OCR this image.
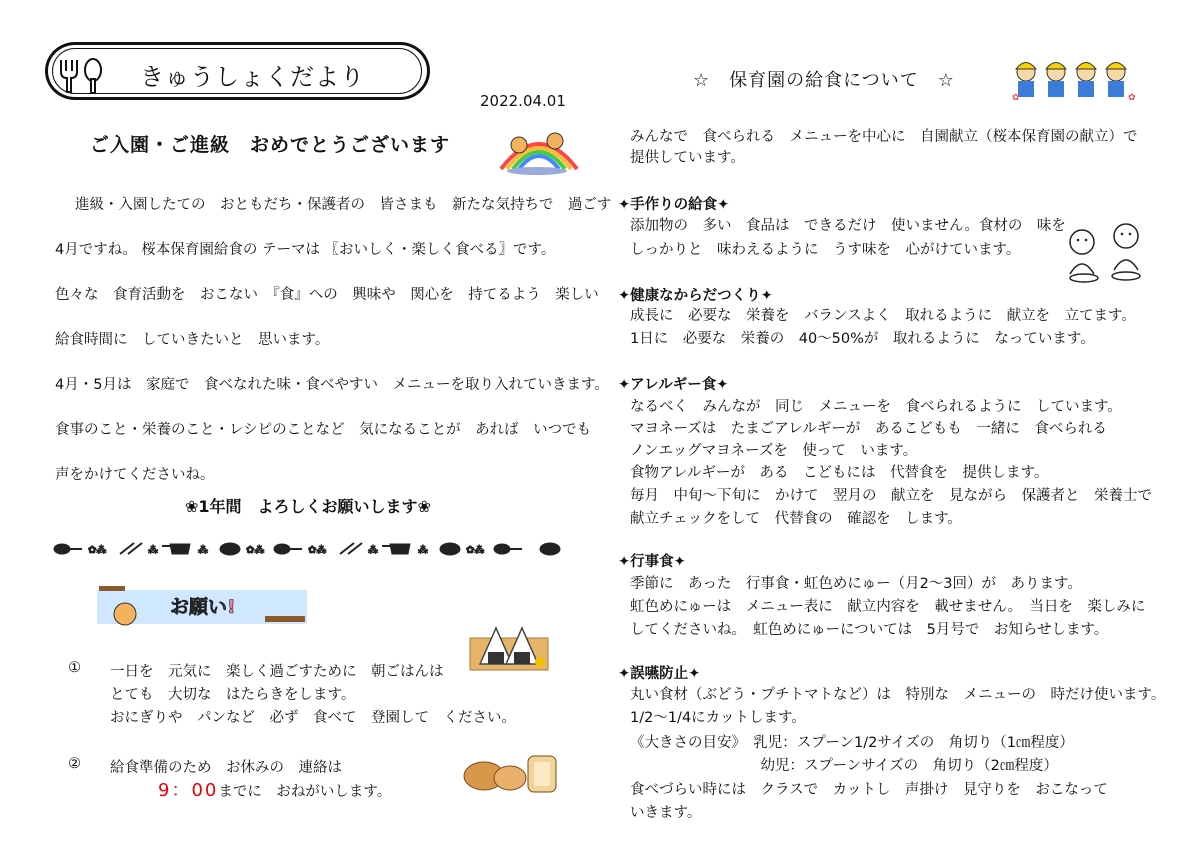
きゅうしょくだより
2022.04.01
☆　保育園の給食について　☆
✿	✿
ご入園・ご進級　おめでとうございます
進級・入園したての　おともだち・保護者の　皆さまも　新たな気持ちで　過ごす
4月ですね。 桜本保育園給食の テーマは 〖おいしく・楽しく食べる〗です。
色々な　食育活動を　おこない　『食』への　興味や　関心を　持てるよう　楽しい
給食時間に　していきたいと　思います。
4月・5月は　家庭で　食べなれた味・食べやすい　メニューを取り入れていきます。
食事のこと・栄養のこと・レシピのことなど　気になることが　あれば　いつでも
声をかけてくださいね。
❀1年間　よろしくお願いします❀
✿⁂	⁂	⁂	✿⁂	✿⁂	⁂	⁂	✿⁂
お願い!
① 一日を　元気に　楽しく過ごすために　朝ごはんは
とても　大切な　はたらきをします。
おにぎりや　パンなど　必ず　食べて　登園して　ください。
② 給食準備のため　お休みの　連絡は
9：00までに　おねがいします。
みんなで　食べられる　メニューを中心に　自園献立（桜本保育園の献立）で
提供しています。
✦手作りの給食✦
添加物の　多い　食品は　できるだけ　使いません。食材の　味を
しっかりと　味わえるように　うす味を　心がけています。
✦健康なからだつくり✦
成長に　必要な　栄養を　バランスよく　取れるように　献立を　立てます。
1日に　必要な　栄養の　40～50%が　取れるように　なっています。
✦アレルギー食✦
なるべく　みんなが　同じ　メニューを　食べられるように　しています。
マヨネーズは　たまごアレルギーが　あるこどもも　一緒に　食べられる
ノンエッグマヨネーズを　使って　います。
食物アレルギーが　ある　こどもには　代替食を　提供します。
毎月　中旬～下旬に　かけて　翌月の　献立を　見ながら　保護者と　栄養士で
献立チェックをして　代替食の　確認を　します。
✦行事食✦
季節に　あった　行事食・虹色めにゅー（月2～3回）が　あります。
虹色めにゅーは　メニュー表に　献立内容を　載せません。　当日を　楽しみに
してくださいね。　虹色めにゅーについては　5月号で　お知らせします。
✦誤嚥防止✦
丸い食材（ぶどう・プチトマトなど）は　特別な　メニューの　時だけ使います。
1/2～1/4にカットします。
《大きさの目安》　乳児：スプーン1/2サイズの　角切り（1㎝程度）
　　　　　　　　　幼児：スプーンサイズの　角切り（2㎝程度）
食べづらい時には　クラスで　カットし　声掛け　見守りを　おこなって
いきます。
